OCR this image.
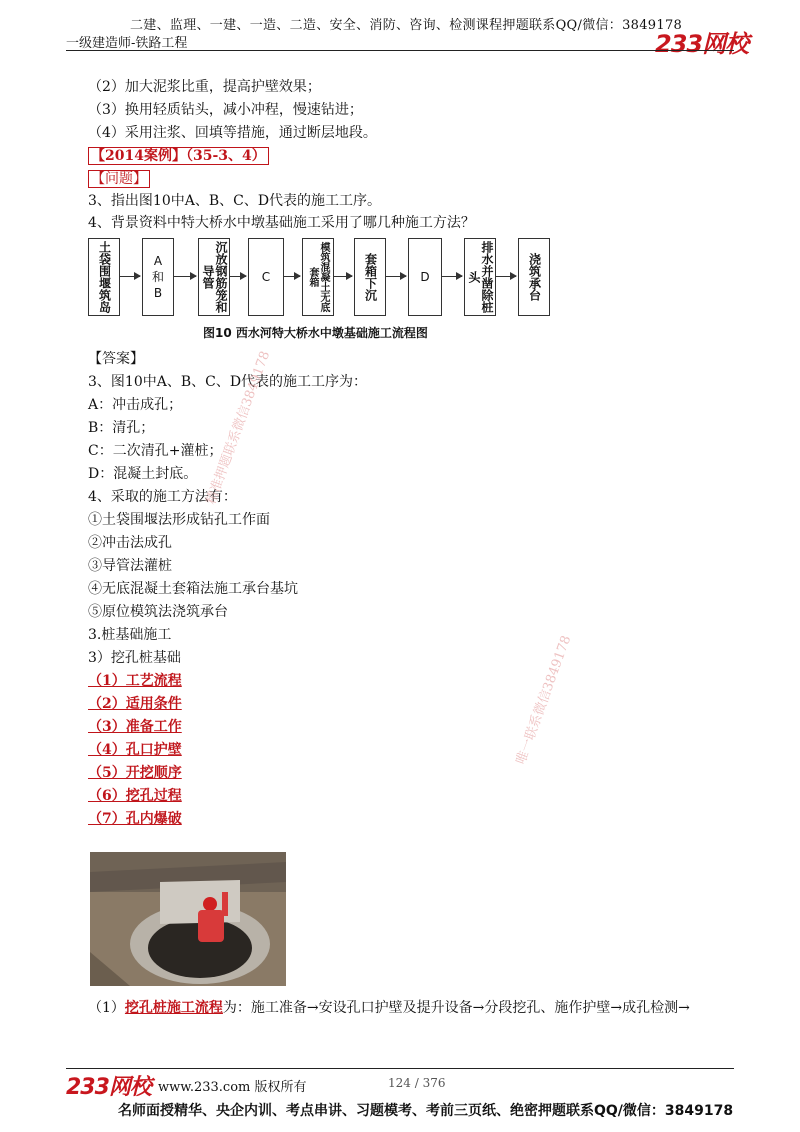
二建、监理、一建、一造、二造、安全、消防、咨询、检测课程押题联系QQ/微信：3849178
一级建造师-铁路工程	233网校
（2）加大泥浆比重，提高护壁效果；
（3）换用轻质钻头，减小冲程，慢速钻进；
（4）采用注浆、回填等措施，通过断层地段。
【2014案例】（35-3、4）
【问题】
3、指出图10中A、B、C、D代表的施工工序。
4、背景资料中特大桥水中墩基础施工采用了哪几种施工方法？
土袋围堰筑岛	A和B	沉放钢筋笼和导管	C	模筑混凝土无底套箱	套箱下沉	D	排水并凿除桩头	浇筑承台
图10 西水河特大桥水中墩基础施工流程图
【答案】
3、图10中A、B、C、D代表的施工工序为：
A：冲击成孔；
B：清孔；
C：二次清孔+灌桩；
D：混凝土封底。
4、采取的施工方法有：
①土袋围堰法形成钻孔工作面
②冲击法成孔
③导管法灌桩
④无底混凝土套箱法施工承台基坑
⑤原位模筑法浇筑承台
3.桩基础施工
3）挖孔桩基础
（1）工艺流程
（2）适用条件
（3）准备工作
（4）孔口护壁
（5）开挖顺序
（6）挖孔过程
（7）孔内爆破
（1）挖孔桩施工流程为：施工准备→安设孔口护壁及提升设备→分段挖孔、施作护壁→成孔检测→
精准押题联系微信3849178
唯一联系微信3849178
233网校 www.233.com 版权所有	124 / 376
名师面授精华、央企内训、考点串讲、习题模考、考前三页纸、绝密押题联系QQ/微信：3849178
